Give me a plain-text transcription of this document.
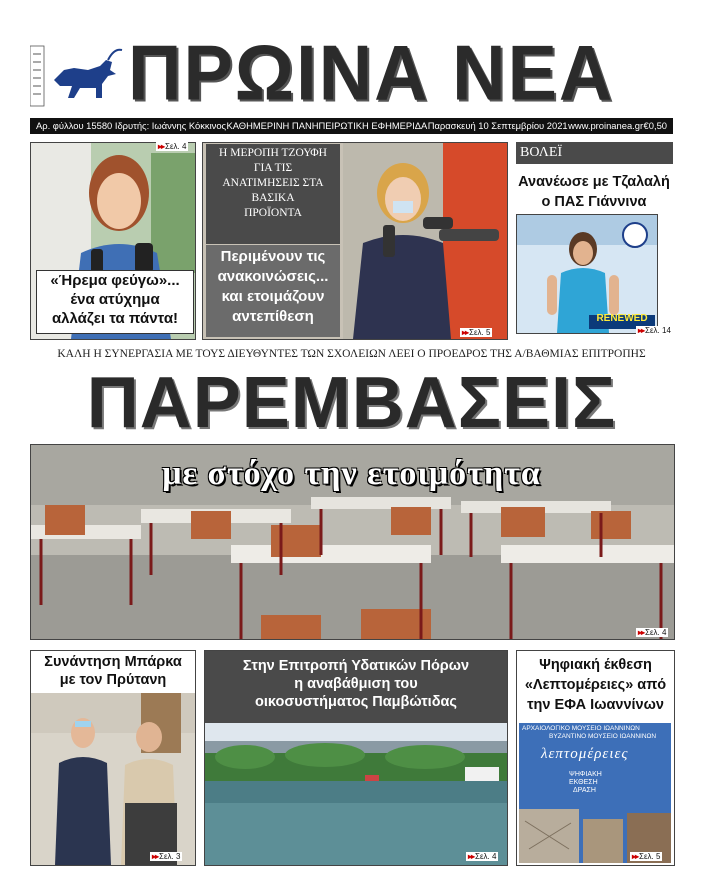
ΠΡΩΙΝΑ ΝΕΑ
Αρ. φύλλου 15580 Ιδρυτής: Ιωάννης Κόκκινος ΚΑΘΗΜΕΡΙΝΗ ΠΑΝΗΠΕΙΡΩΤΙΚΗ ΕΦΗΜΕΡΙΔΑ Παρασκευή 10 Σεπτεμβρίου 2021 www.proinanea.gr €0,50
▸▸Σελ. 4
«Ήρεμα φεύγω»...
ένα ατύχημα
αλλάζει τα πάντα!
Η ΜΕΡΟΠΗ ΤΖΟΥΦΗ
ΓΙΑ ΤΙΣ
ΑΝΑΤΙΜΗΣΕΙΣ ΣΤΑ
ΒΑΣΙΚΑ
ΠΡΟΪΟΝΤΑ
Περιμένουν τις
ανακοινώσεις...
και ετοιμάζουν
αντεπίθεση
▸▸Σελ. 5
ΒΟΛΕΪ
Ανανέωσε με Τζαλαλή
ο ΠΑΣ Γιάννινα
RENEWED
▸▸Σελ. 14
ΚΑΛΗ Η ΣΥΝΕΡΓΑΣΙΑ ΜΕ ΤΟΥΣ ΔΙΕΥΘΥΝΤΕΣ ΤΩΝ ΣΧΟΛΕΙΩΝ ΛΕΕΙ Ο ΠΡΟΕΔΡΟΣ ΤΗΣ Α/ΒΑΘΜΙΑΣ ΕΠΙΤΡΟΠΗΣ
ΠΑΡΕΜΒΑΣΕΙΣ
με στόχο την ετοιμότητα
▸▸Σελ. 4
Συνάντηση Μπάρκα
με τον Πρύτανη
▸▸Σελ. 3
Στην Επιτροπή Υδατικών Πόρων
η αναβάθμιση του
οικοσυστήματος Παμβώτιδας
▸▸Σελ. 4
Ψηφιακή έκθεση
«Λεπτομέρειες» από
την ΕΦΑ Ιωαννίνων
ΑΡΧΑΙΟΛΟΓΙΚΟ ΜΟΥΣΕΙΟ ΙΩΑΝΝΙΝΩΝ
ΒΥΖΑΝΤΙΝΟ ΜΟΥΣΕΙΟ ΙΩΑΝΝΙΝΩΝ
λεπτομέρειες
ΨΗΦΙΑΚΗ
ΕΚΘΕΣΗ
ΔΡΑΣΗ
▸▸Σελ. 5
